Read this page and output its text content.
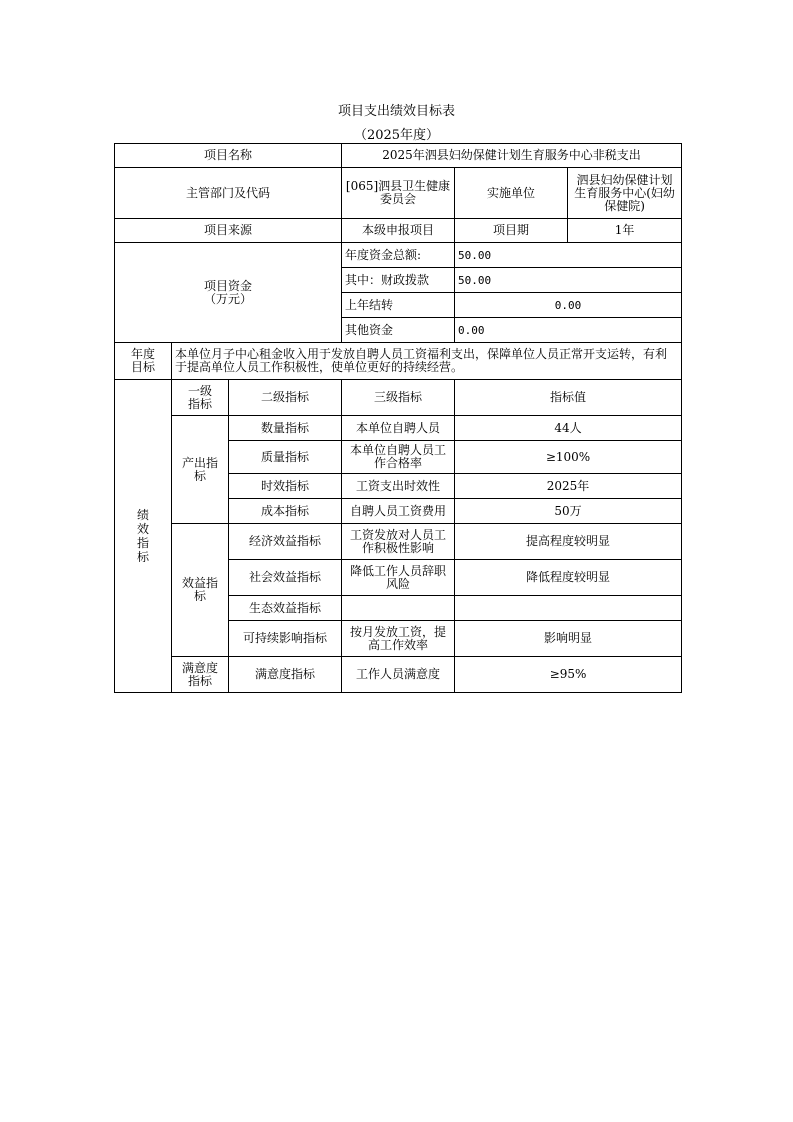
项目支出绩效目标表
（2025年度）
项目名称			2025年泗县妇幼保健计划生育服务中心非税支出		
主管部门及代码			[065]泗县卫生健康委员会	实施单位	泗县妇幼保健计划生育服务中心(妇幼保健院)
项目来源			本级申报项目	项目期	1年

项目资金（万元）			年度资金总额:	50.00	
			其中：财政拨款	50.00	
			上年结转	0.00	
			其他资金	0.00	

年度目标	本单位月子中心租金收入用于发放自聘人员工资福利支出，保障单位人员正常开支运转，有利于提高单位人员工作积极性，使单位更好的持续经营。				

绩效指标	一级指标	二级指标	三级指标	指标值	

	产出指标	数量指标	本单位自聘人员	44人	
		质量指标	本单位自聘人员工作合格率	≥100%	
		时效指标	工资支出时效性	2025年	
		成本指标	自聘人员工资费用	50万	

	效益指标	经济效益指标	工资发放对人员工作积极性影响	提高程度较明显	
		社会效益指标	降低工作人员辞职风险	降低程度较明显	
		生态效益指标			
		可持续影响指标	按月发放工资，提高工作效率	影响明显	

	满意度指标	满意度指标	工作人员满意度	≥95%	
